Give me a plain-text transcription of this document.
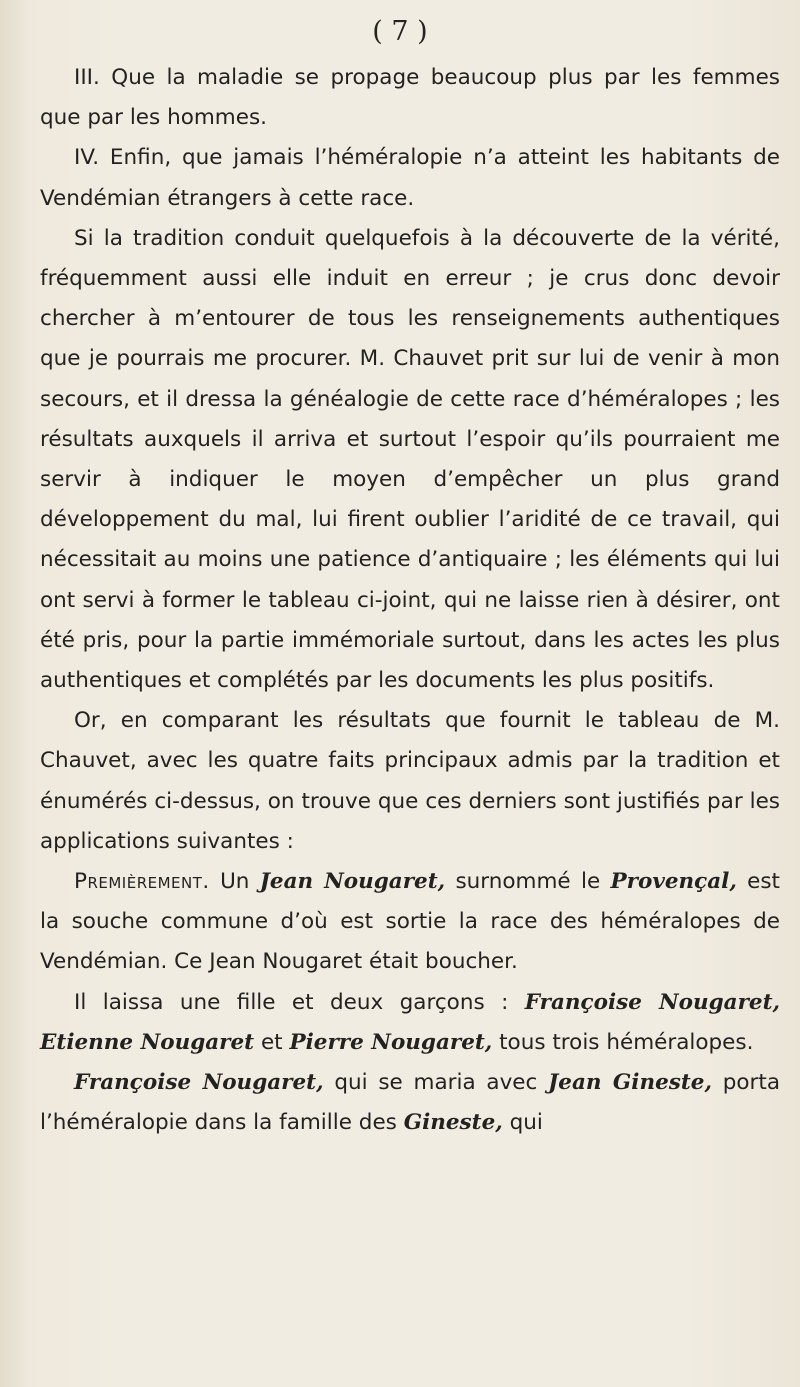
( 7 )

III. Que la maladie se propage beaucoup plus par les femmes que par les hommes.

IV. Enfin, que jamais l’héméralopie n’a atteint les habitants de Vendémian étrangers à cette race.

Si la tradition conduit quelquefois à la découverte de la vérité, fréquemment aussi elle induit en erreur ; je crus donc devoir chercher à m’entourer de tous les renseignements authentiques que je pourrais me procurer. M. Chauvet prit sur lui de venir à mon secours, et il dressa la généalogie de cette race d’héméralopes ; les résultats auxquels il arriva et surtout l’espoir qu’ils pourraient me servir à indiquer le moyen d’empêcher un plus grand développement du mal, lui firent oublier l’aridité de ce travail, qui nécessitait au moins une patience d’antiquaire ; les éléments qui lui ont servi à former le tableau ci-joint, qui ne laisse rien à désirer, ont été pris, pour la partie immémoriale surtout, dans les actes les plus authentiques et complétés par les documents les plus positifs.

Or, en comparant les résultats que fournit le tableau de M. Chauvet, avec les quatre faits principaux admis par la tradition et énumérés ci-dessus, on trouve que ces derniers sont justifiés par les applications suivantes :

Premièrement. Un Jean Nougaret, surnommé le Provençal, est la souche commune d’où est sortie la race des héméralopes de Vendémian. Ce Jean Nougaret était boucher.

Il laissa une fille et deux garçons : Françoise Nougaret, Etienne Nougaret et Pierre Nougaret, tous trois héméralopes.

Françoise Nougaret, qui se maria avec Jean Gineste, porta l’héméralopie dans la famille des Gineste, qui
